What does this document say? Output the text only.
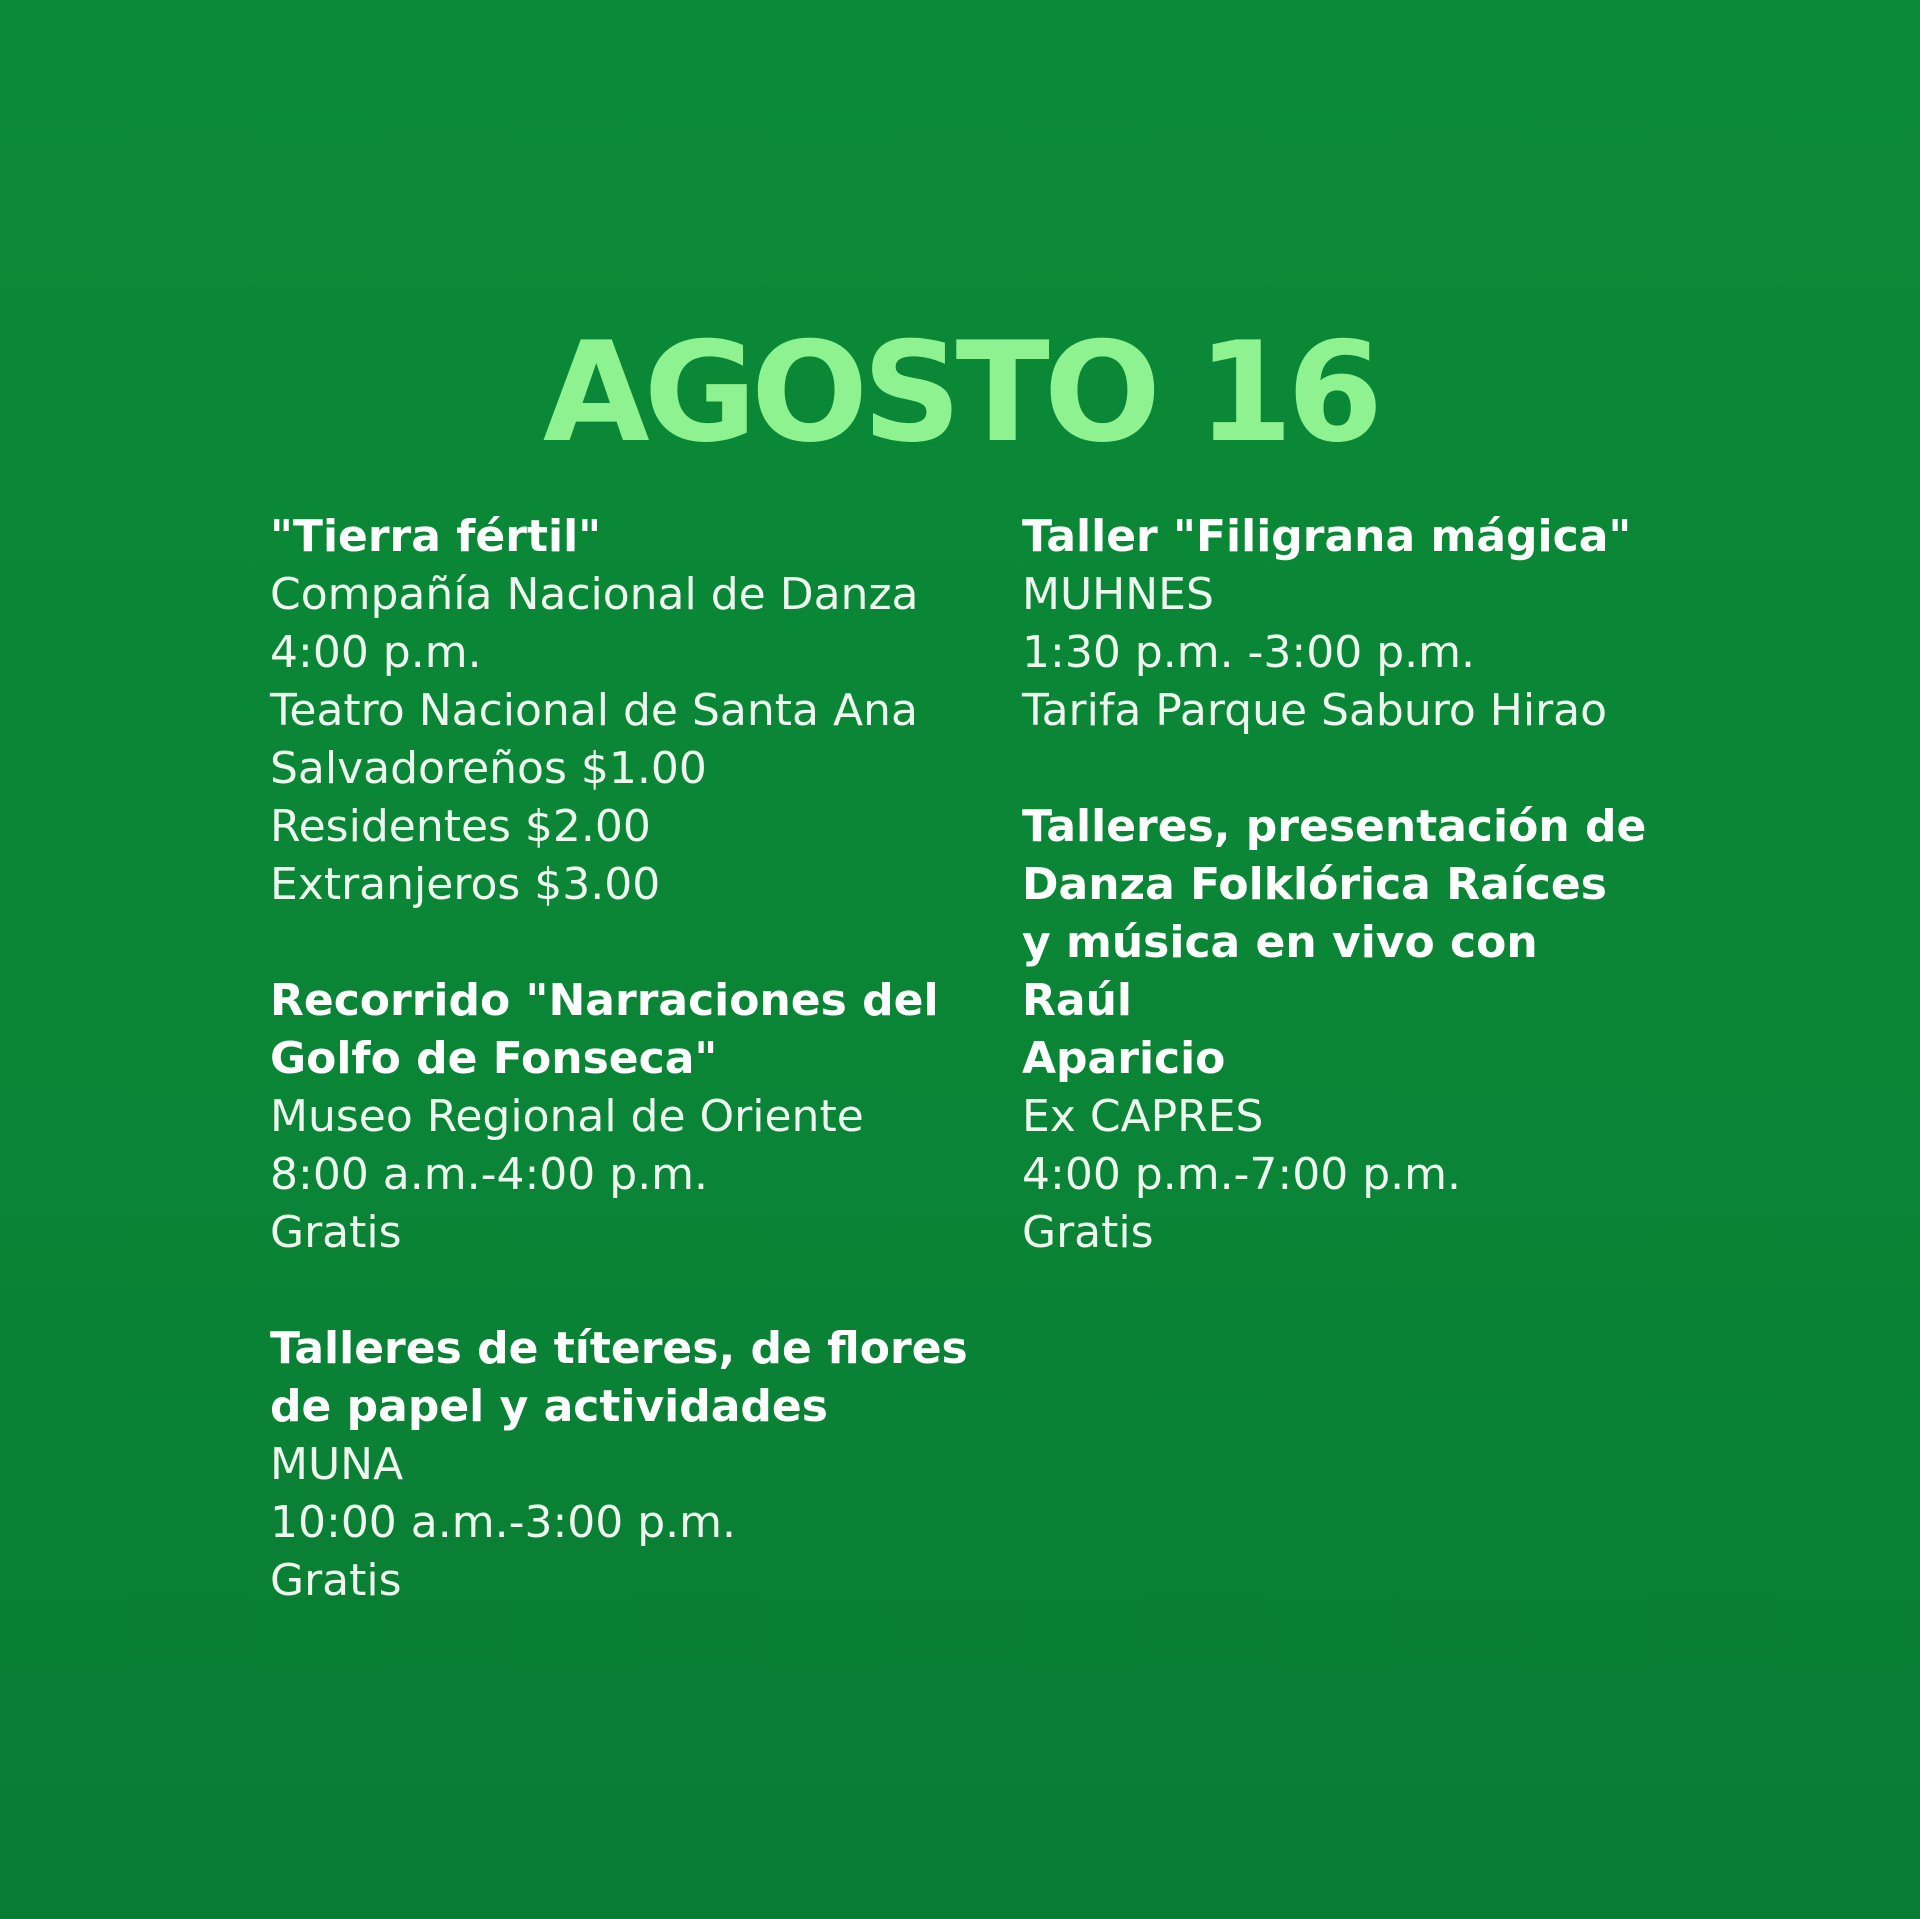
AGOSTO 16
"Tierra fértil"
Compañía Nacional de Danza
4:00 p.m.
Teatro Nacional de Santa Ana
Salvadoreños $1.00
Residentes $2.00
Extranjeros $3.00
Recorrido "Narraciones del
Golfo de Fonseca"
Museo Regional de Oriente
8:00 a.m.-4:00 p.m.
Gratis
Talleres de títeres, de flores
de papel y actividades
MUNA
10:00 a.m.-3:00 p.m.
Gratis
Taller "Filigrana mágica"
MUHNES
1:30 p.m. -3:00 p.m.
Tarifa Parque Saburo Hirao
Talleres, presentación de
Danza Folklórica Raíces
y música en vivo con Raúl
Aparicio
Ex CAPRES
4:00 p.m.-7:00 p.m.
Gratis
